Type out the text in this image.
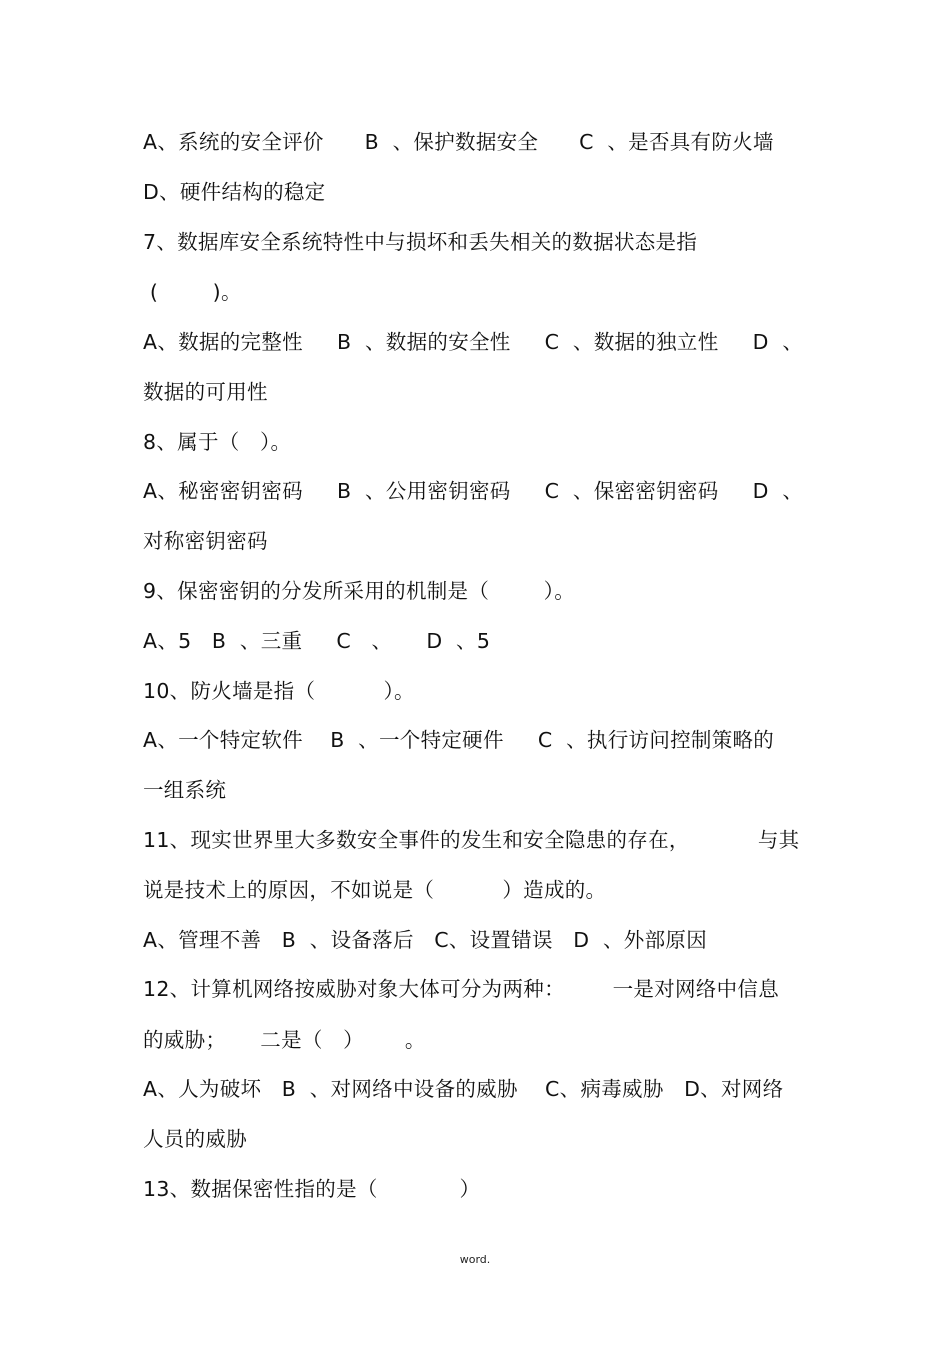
A、系统的安全评价      B  、保护数据安全      C  、是否具有防火墙
D、硬件结构的稳定
7、数据库安全系统特性中与损坏和丢失相关的数据状态是指
(        )。
A、数据的完整性     B  、数据的安全性     C  、数据的独立性     D  、
数据的可用性
8、属于（   ）。
A、秘密密钥密码     B  、公用密钥密码     C  、保密密钥密码     D  、
对称密钥密码
9、保密密钥的分发所采用的机制是（        ）。
A、5   B  、三重     C   、     D  、5
10、防火墙是指（          ）。
A、一个特定软件    B  、一个特定硬件     C  、执行访问控制策略的
一组系统
11、现实世界里大多数安全事件的发生和安全隐患的存在，          与其
说是技术上的原因，不如说是（          ）造成的。
A、管理不善   B  、设备落后   C、设置错误   D  、外部原因
12、计算机网络按威胁对象大体可分为两种：       一是对网络中信息
的威胁；     二是（   ）      。
A、人为破坏   B  、对网络中设备的威胁    C、病毒威胁   D、对网络
人员的威胁
13、数据保密性指的是（            ）
word.
